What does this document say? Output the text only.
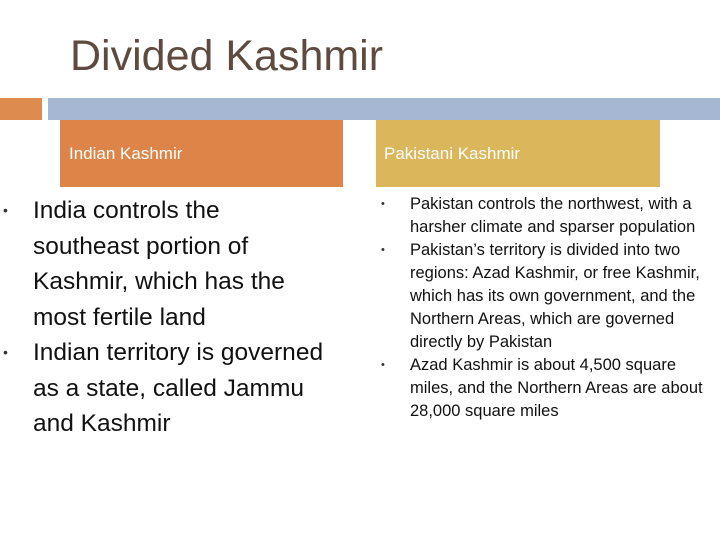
Divided Kashmir
Indian Kashmir	Pakistani Kashmir
• India controls the southeast portion of Kashmir, which has the most fertile land
• Indian territory is governed as a state, called Jammu and Kashmir
• Pakistan controls the northwest, with a harsher climate and sparser population
• Pakistan’s territory is divided into two regions: Azad Kashmir, or free Kashmir, which has its own government, and the Northern Areas, which are governed directly by Pakistan
• Azad Kashmir is about 4,500 square miles, and the Northern Areas are about 28,000 square miles
